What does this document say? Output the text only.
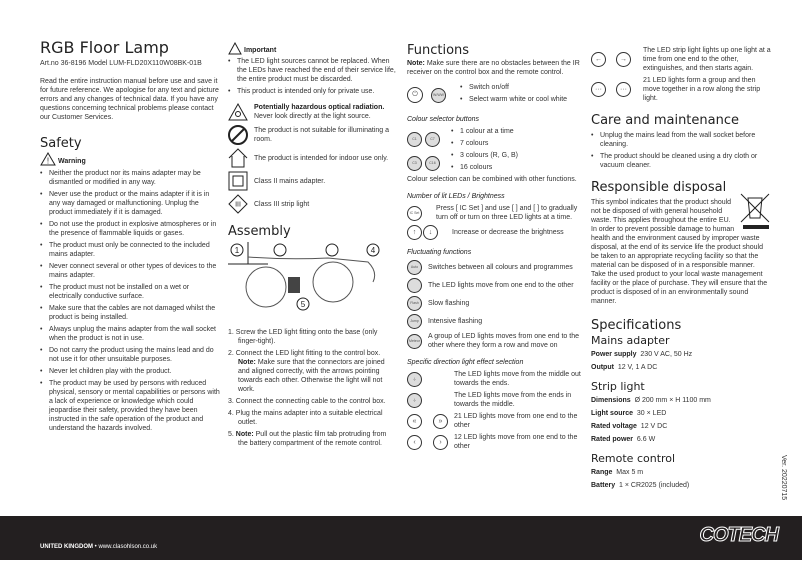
RGB Floor Lamp
Art.no 36-8196 Model LUM-FLD20X110W08BK-01B

Read the entire instruction manual before use and save it for future reference. We apologise for any text and picture errors and any changes of technical data. If you have any questions concerning technical problems please contact our Customer Services.

Safety
! Warning
• Neither the product nor its mains adapter may be dismantled or modified in any way.
• Never use the product or the mains adapter if it is in any way damaged or malfunctioning. Unplug the product immediately if it is damaged.
• Do not use the product in explosive atmospheres or in the presence of flammable liquids or gases.
• The product must only be connected to the included mains adapter.
• Never connect several or other types of devices to the mains adapter.
• The product must not be installed on a wet or electrically conductive surface.
• Make sure that the cables are not damaged whilst the product is being installed.
• Always unplug the mains adapter from the wall socket when the product is not in use.
• Do not carry the product using the mains lead and do not use it for other unsuitable purposes.
• Never let children play with the product.
• The product may be used by persons with reduced physical, sensory or mental capabilities or persons with a lack of experience or knowledge which could jeopardise their safety, provided they have been instructed in the safe operation of the product and understand the hazards involved.
Important
• The LED light sources cannot be replaced. When the LEDs have reached the end of their service life, the entire product must be discarded.
• This product is intended only for private use.
Potentially hazardous optical radiation.
Never look directly at the light source.
The product is not suitable for illuminating a room.
The product is intended for indoor use only.
Class II mains adapter.
III Class III strip light
Assembly
1	4
5
1. Screw the LED light fitting onto the base (only finger-tight).
2. Connect the LED light fitting to the control box.
Note: Make sure that the connectors are joined and aligned correctly, with the arrows pointing towards each other. Otherwise the light will not work.
3. Connect the connecting cable to the control box.
4. Plug the mains adapter into a suitable electrical outlet.
5. Note: Pull out the plastic film tab protruding from the battery compartment of the remote control.
Functions

Note: Make sure there are no obstacles between the IR receiver on the control box and the remote control.

⏻	W/WW
• Switch on/off
• Select warm white or cool white
Colour selector buttons
C1	C7
• 1 colour at a time
• 7 colours
C3	C16
• 3 colours (R, G, B)
• 16 colours

Colour selection can be combined with other functions.

Number of lit LEDs / Brightness
IC Set
Press [ IC Set ] and use [ ] and [ ] to gradually turn off or turn on three LED lights at a time.
↑	↓	Increase or decrease the brightness
Fluctuating functions
Auto	Switches between all colours and programmes
The LED lights move from one end to the other
Flash	Slow flashing
Jump	Intensive flashing
Meteor
A group of LED lights moves from one end to the other where they form a row and move on
Specific direction light effect selection
-|-
The LED lights move from the middle out towards the ends.
-|-
The LED lights move from the ends in towards the middle.
«	»
21 LED lights move from one end to the other
‹	›
12 LED lights move from one end to the other
←	→
The LED strip light lights up one light at a time from one end to the other, extinguishes, and then starts again.
···	···
21 LED lights form a group and then move together in a row along the strip light.
Care and maintenance
• Unplug the mains lead from the wall socket before cleaning.
• The product should be cleaned using a dry cloth or vacuum cleaner.
Responsible disposal

This symbol indicates that the product should not be disposed of with general household waste. This applies throughout the entire EU. In order to prevent possible damage to human health and the environment caused by improper waste disposal, at the end of its service life the product should be taken to an appropriate recycling facility so that the material can be disposed of in a responsible manner. Take the used product to your local waste management facility or the place of purchase. They will ensure that the product is disposed of in an environmentally sound manner.

Specifications
Mains adapter
Power supply 230 V AC, 50 Hz
Output 12 V, 1 A DC
Strip light
Dimensions Ø 200 mm × H 1100 mm
Light source 30 × LED
Rated voltage 12 V DC
Rated power 6.6 W
Remote control
Range Max 5 m
Battery 1 × CR2025 (included)	Ver. 20220715
UNITED KINGDOM • www.clasohlson.co.uk
COTECH
